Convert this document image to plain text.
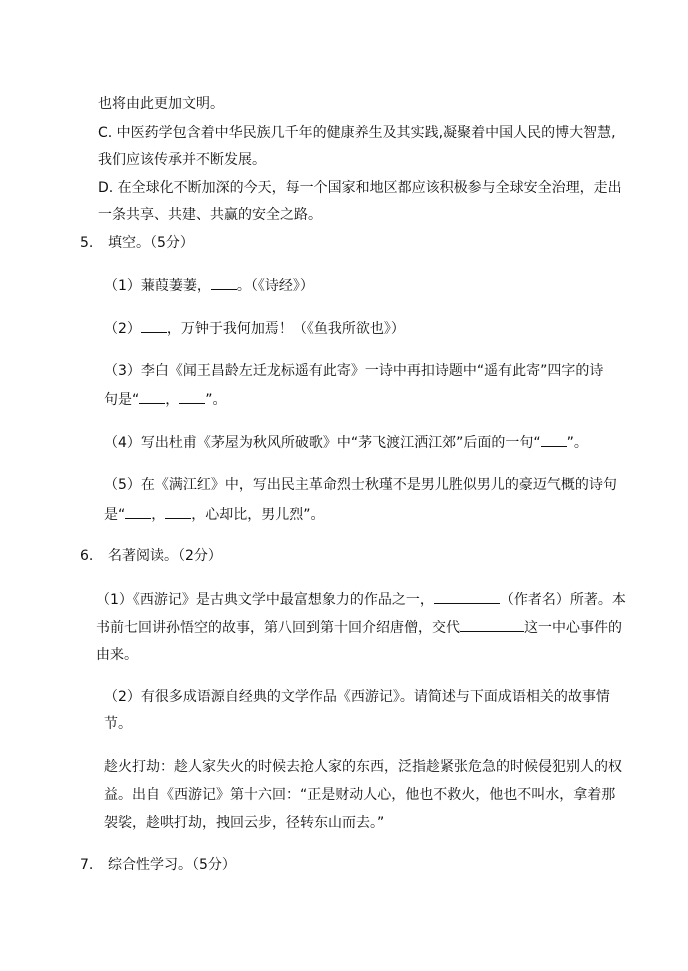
也将由此更加文明。
C. 中医药学包含着中华民族几千年的健康养生及其实践,凝聚着中国人民的博大智慧,
我们应该传承并不断发展。
D. 在全球化不断加深的今天，每一个国家和地区都应该积极参与全球安全治理，走出
一条共享、共建、共赢的安全之路。
5. 填空。（5分）
（1）蒹葭萋萋， 。（《诗经》）
（2） ，万钟于我何加焉！（《鱼我所欲也》）
（3）李白《闻王昌龄左迁龙标遥有此寄》一诗中再扣诗题中“遥有此寄”四字的诗
句是“ ， ”。
（4）写出杜甫《茅屋为秋风所破歌》中“茅飞渡江洒江郊”后面的一句“ ”。
（5）在《满江红》中，写出民主革命烈士秋瑾不是男儿胜似男儿的豪迈气概的诗句
是“ ， ，心却比，男儿烈”。
6. 名著阅读。（2分）
（1）《西游记》是古典文学中最富想象力的作品之一，	（作者名）所著。本
书前七回讲孙悟空的故事，第八回到第十回介绍唐僧，交代	这一中心事件的
由来。
（2）有很多成语源自经典的文学作品《西游记》。请简述与下面成语相关的故事情
节。
趁火打劫：趁人家失火的时候去抢人家的东西，泛指趁紧张危急的时候侵犯别人的权
益。出自《西游记》第十六回：“正是财动人心，他也不救火，他也不叫水，拿着那
袈裟，趁哄打劫，拽回云步，径转东山而去。”
7. 综合性学习。（5分）
